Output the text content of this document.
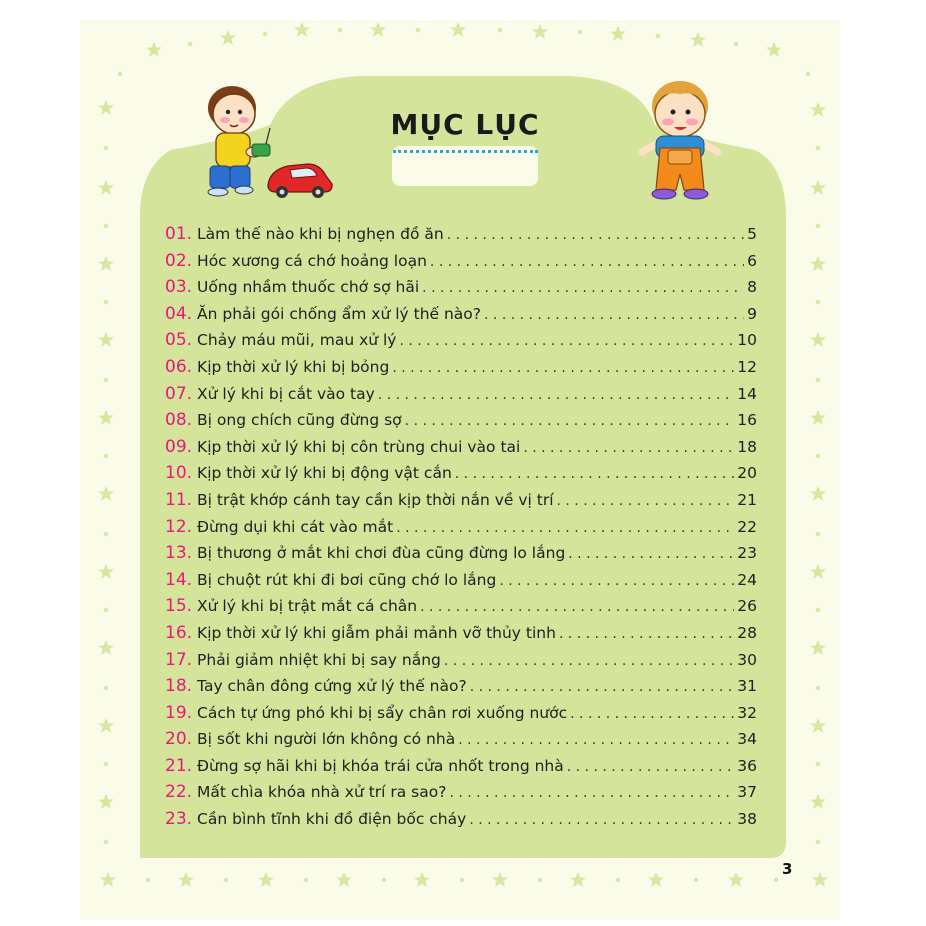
MỤC LỤC
01. Làm thế nào khi bị nghẹn đồ ăn . . .	5
02. Hóc xương cá chớ hoảng loạn . . .	6
03. Uống nhầm thuốc chớ sợ hãi . . .	8
04. Ăn phải gói chống ẩm xử lý thế nào? . . .	9
05. Chảy máu mũi, mau xử lý . . .	10
06. Kịp thời xử lý khi bị bỏng . . .	12
07. Xử lý khi bị cắt vào tay . . .	14
08. Bị ong chích cũng đừng sợ . . .	16
09. Kịp thời xử lý khi bị côn trùng chui vào tai . . .	18
10. Kịp thời xử lý khi bị động vật cắn . . .	20
11. Bị trật khớp cánh tay cần kịp thời nắn về vị trí . . .	21
12. Đừng dụi khi cát vào mắt . . .	22
13. Bị thương ở mắt khi chơi đùa cũng đừng lo lắng . . .	23
14. Bị chuột rút khi đi bơi cũng chớ lo lắng . . .	24
15. Xử lý khi bị trật mắt cá chân . . .	26
16. Kịp thời xử lý khi giẫm phải mảnh vỡ thủy tinh . . .	28
17. Phải giảm nhiệt khi bị say nắng . . .	30
18. Tay chân đông cứng xử lý thế nào? . . .	31
19. Cách tự ứng phó khi bị sẩy chân rơi xuống nước . . .	32
20. Bị sốt khi người lớn không có nhà . . .	34
21. Đừng sợ hãi khi bị khóa trái cửa nhốt trong nhà . . .	36
22. Mất chìa khóa nhà xử trí ra sao? . . .	37
23. Cần bình tĩnh khi đồ điện bốc cháy . . .	38
3
